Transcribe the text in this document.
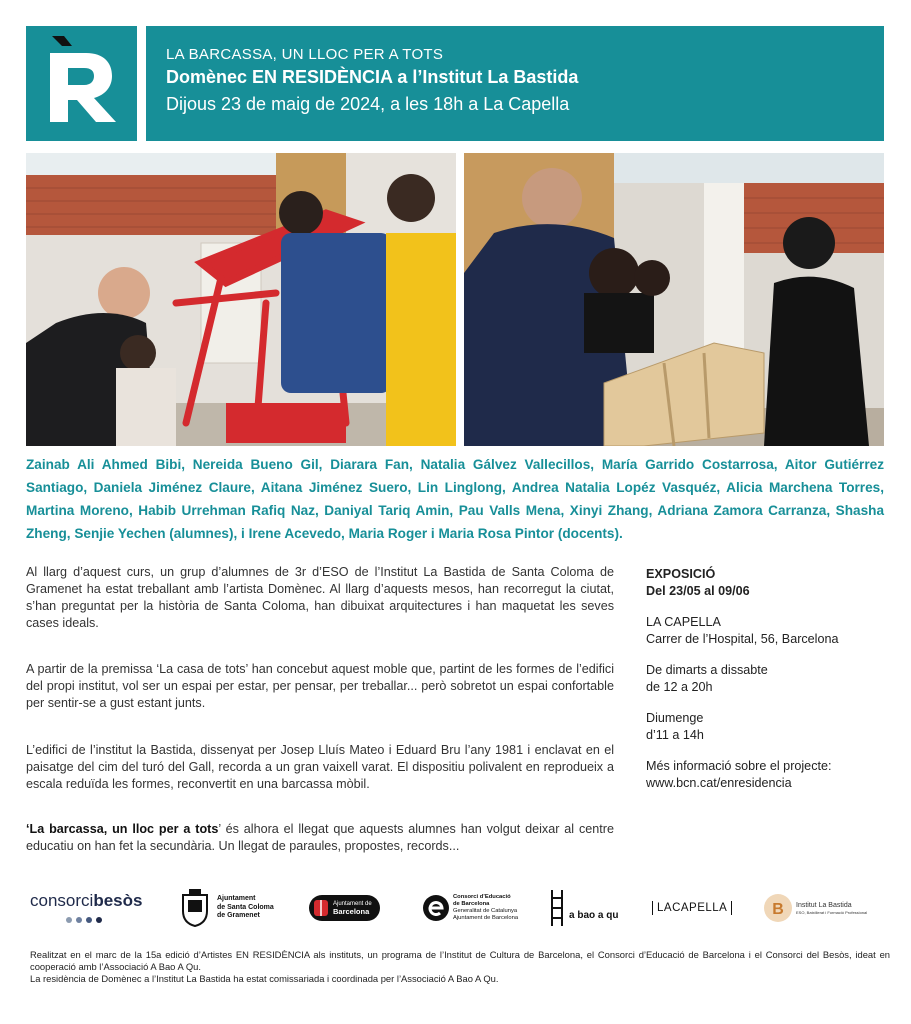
LA BARCASSA, UN LLOC PER A TOTS
Domènec EN RESIDÈNCIA a l’Institut La Bastida
Dijous 23 de maig de 2024, a les 18h a La Capella
Zainab Ali Ahmed Bibi, Nereida Bueno Gil, Diarara Fan, Natalia Gálvez Vallecillos, María Garrido Costarrosa, Aitor Gutiérrez Santiago, Daniela Jiménez Claure, Aitana Jiménez Suero, Lin Linglong, Andrea Natalia Lopéz Vasquéz, Alicia Marchena Torres, Martina Moreno, Habib Urrehman Rafiq Naz, Daniyal Tariq Amin, Pau Valls Mena, Xinyi Zhang, Adriana Zamora Carranza, Shasha Zheng, Senjie Yechen (alumnes), i Irene Acevedo, Maria Roger i Maria Rosa Pintor (docents).

Al llarg d’aquest curs, un grup d’alumnes de 3r d’ESO de l’Institut La Bastida de Santa Coloma de Gramenet ha estat treballant amb l’artista Domènec. Al llarg d’aquests mesos, han recorregut la ciutat, s’han preguntat per la història de Santa Coloma, han dibuixat arquitectures i han maquetat les seves cases ideals.

A partir de la premissa ‘La casa de tots’ han concebut aquest moble que, partint de les formes de l’edifici del propi institut, vol ser un espai per estar, per pensar, per treballar... però sobretot un espai confortable per sentir-se a gust estant junts.

L’edifici de l’institut la Bastida, dissenyat per Josep Lluís Mateo i Eduard Bru l’any 1981 i enclavat en el paisatge del cim del turó del Gall, recorda a un gran vaixell varat. El dispositiu polivalent en reprodueix a escala reduïda les formes, reconvertit en una barcassa mòbil.

‘La barcassa, un lloc per a tots’ és alhora el llegat que aquests alumnes han volgut deixar al centre educatiu on han fet la secundària. Un llegat de paraules, propostes, records...

EXPOSICIÓ
Del 23/05 al 09/06
LA CAPELLA
Carrer de l’Hospital, 56, Barcelona
De dimarts a dissabte
de 12 a 20h
Diumenge
d’11 a 14h
Més informació sobre el projecte:
www.bcn.cat/enresidencia
consorcibesòs	Ajuntament
de Santa Coloma
de Gramenet
Ajuntament de
Barcelona
Consorci d’Educació
de Barcelona
Generalitat de Catalunya
Ajuntament de Barcelona	a bao a qu
LACAPELLA	B Institut La Bastida
ESO, Batxillerat i Formació Professional
Realitzat en el marc de la 15a edició d’Artistes EN RESIDÈNCIA als instituts, un programa de l’Institut de Cultura de Barcelona, el Consorci d’Educació de Barcelona i el Consorci del Besòs, ideat en cooperació amb l’Associació A Bao A Qu.
La residència de Domènec a l’Institut La Bastida ha estat comissariada i coordinada per l’Associació A Bao A Qu.
